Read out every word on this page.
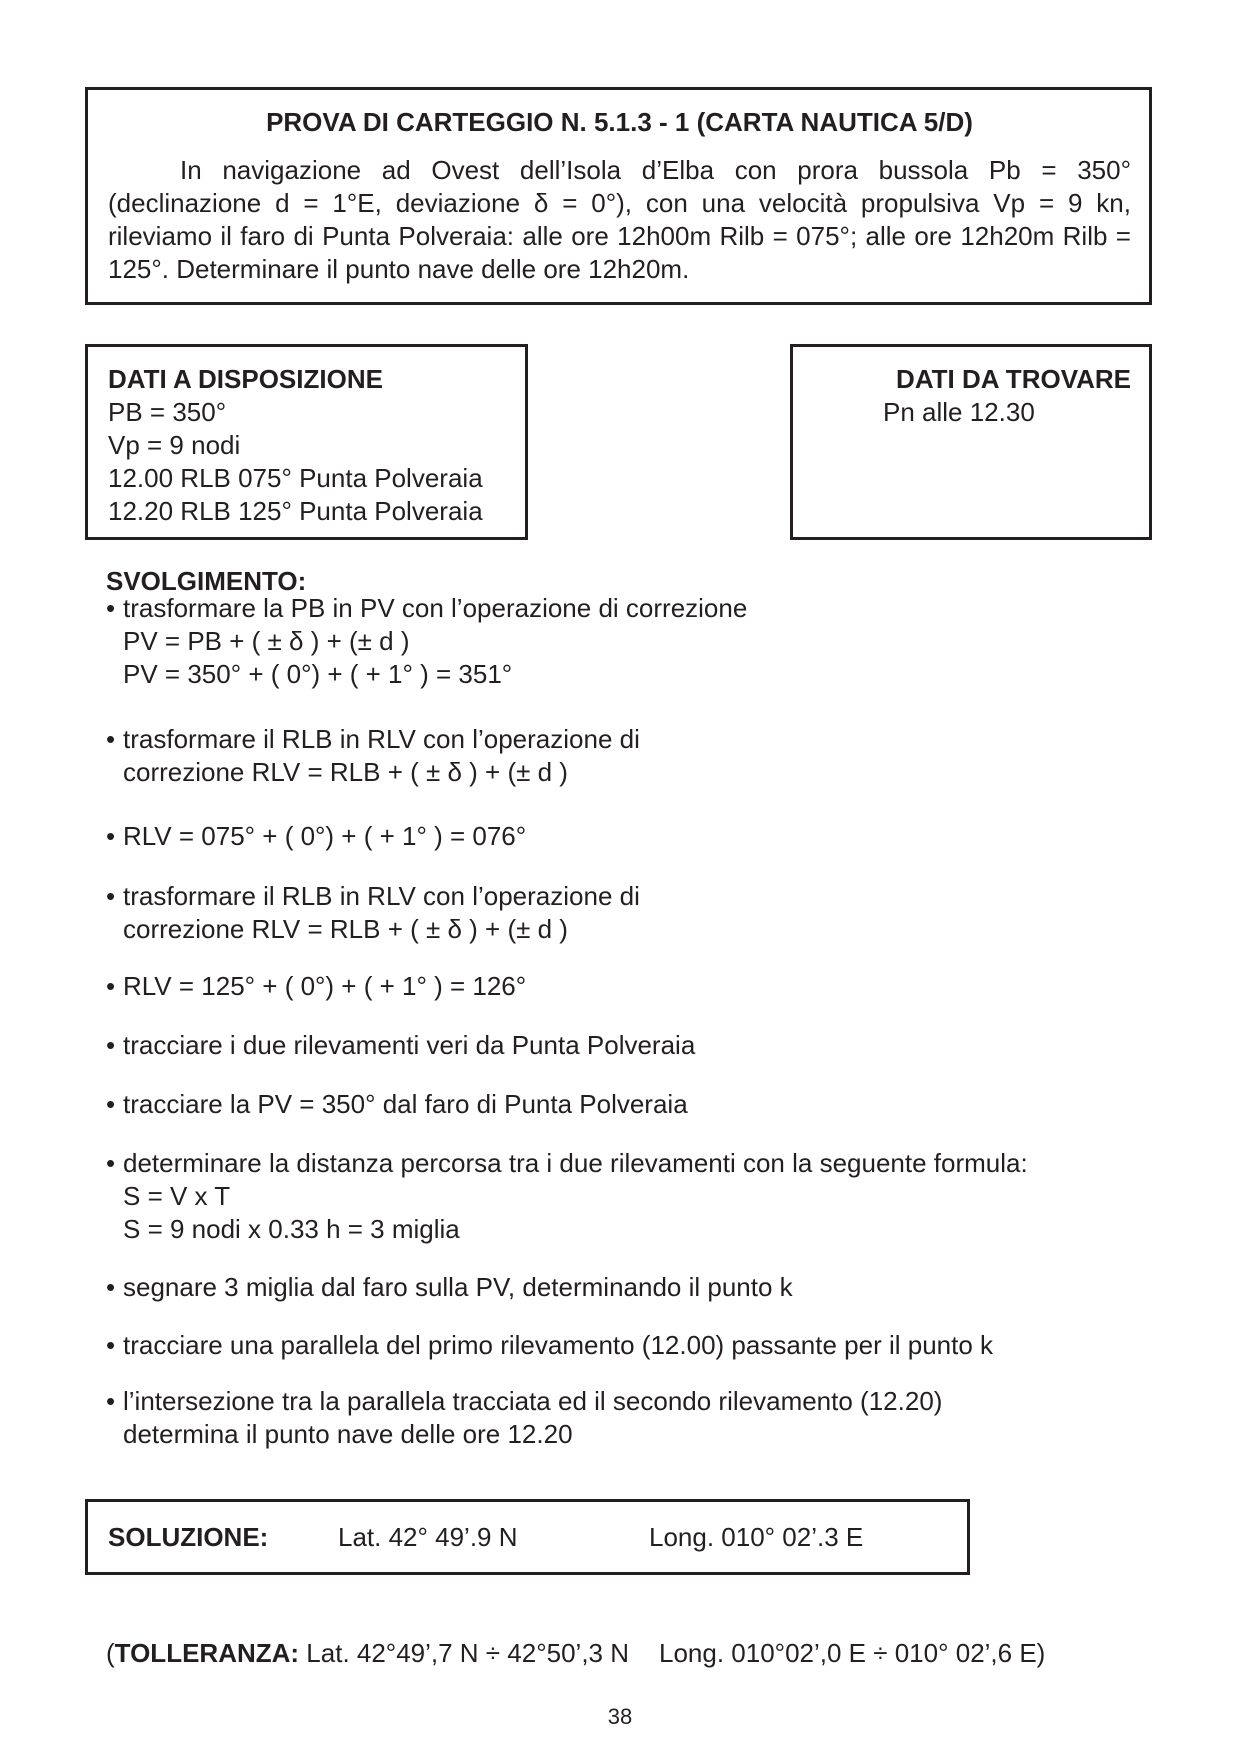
PROVA DI CARTEGGIO N. 5.1.3 - 1 (CARTA NAUTICA 5/D)

In navigazione ad Ovest dell’Isola d’Elba con prora bussola Pb = 350° (declinazione d = 1°E, deviazione δ = 0°), con una velocità propulsiva Vp = 9 kn, rileviamo il faro di Punta Polveraia: alle ore 12h00m Rilb = 075°; alle ore 12h20m Rilb = 125°. Determinare il punto nave delle ore 12h20m.

DATI A DISPOSIZIONE
PB = 350°
Vp = 9 nodi
12.00 RLB 075° Punta Polveraia
12.20 RLB 125° Punta Polveraia
DATI DA TROVARE
Pn alle 12.30
SVOLGIMENTO:
• trasformare la PB in PV con l’operazione di correzione
PV = PB + ( ± δ ) + (± d )
PV = 350° + ( 0°) + ( + 1° ) = 351°
• trasformare il RLB in RLV con l’operazione di
correzione RLV = RLB + ( ± δ ) + (± d )
• RLV = 075° + ( 0°) + ( + 1° ) = 076°
• trasformare il RLB in RLV con l’operazione di
correzione RLV = RLB + ( ± δ ) + (± d )
• RLV = 125° + ( 0°) + ( + 1° ) = 126°
• tracciare i due rilevamenti veri da Punta Polveraia
• tracciare la PV = 350° dal faro di Punta Polveraia
• determinare la distanza percorsa tra i due rilevamenti con la seguente formula:
S = V x T
S = 9 nodi x 0.33 h = 3 miglia
• segnare 3 miglia dal faro sulla PV, determinando il punto k
• tracciare una parallela del primo rilevamento (12.00) passante per il punto k
• l’intersezione tra la parallela tracciata ed il secondo rilevamento (12.20)
determina il punto nave delle ore 12.20
SOLUZIONE:	Lat. 42° 49’.9 N	Long. 010° 02’.3 E
(TOLLERANZA: Lat. 42°49’,7 N ÷ 42°50’,3 N Long. 010°02’,0 E ÷ 010° 02’,6 E)
38
